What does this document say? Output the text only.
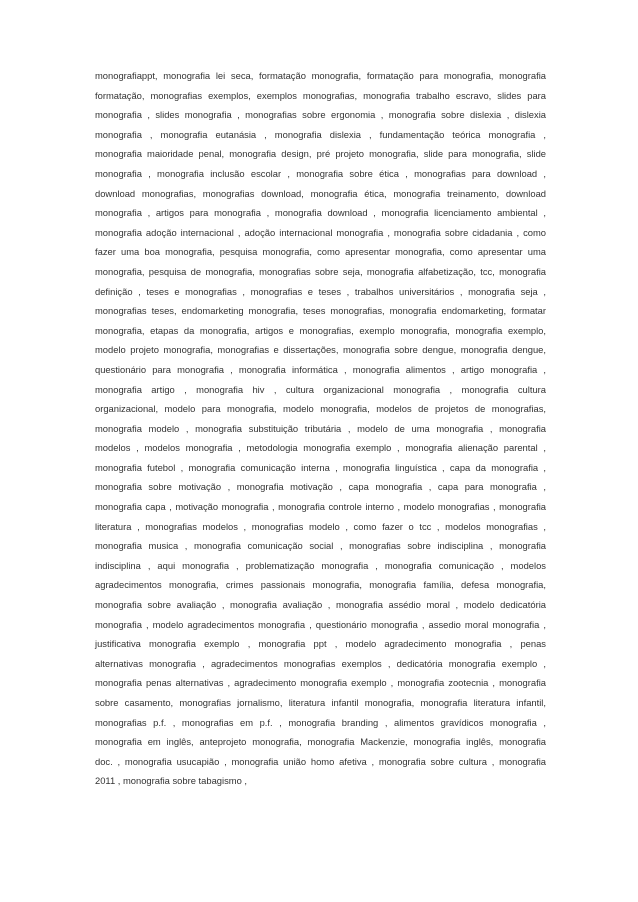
monografiappt, monografia lei seca, formatação monografia, formatação para monografia, monografia
formatação, monografias exemplos, exemplos monografias, monografia trabalho escravo, slides para
monografia , slides monografia , monografias sobre ergonomia , monografia sobre dislexia , dislexia
monografia , monografia eutanásia , monografia dislexia , fundamentação teórica monografia ,
monografia maioridade penal, monografia design, pré projeto monografia, slide para monografia, slide
monografia , monografia inclusão escolar , monografia sobre ética , monografias para download ,
download monografias, monografias download, monografia ética, monografia treinamento, download
monografia , artigos para monografia , monografia download , monografia licenciamento ambiental ,
monografia adoção internacional , adoção internacional monografia , monografia sobre cidadania , como
fazer uma boa monografia, pesquisa monografia, como apresentar monografia, como apresentar uma
monografia, pesquisa de monografia, monografias sobre seja, monografia alfabetização, tcc, monografia
definição , teses e monografias , monografias e teses , trabalhos universitários , monografia seja ,
monografias teses, endomarketing monografia, teses monografias, monografia endomarketing, formatar
monografia, etapas da monografia, artigos e monografias, exemplo monografia, monografia exemplo,
modelo projeto monografia, monografias e dissertações, monografia sobre dengue, monografia dengue,
questionário para monografia , monografia informática , monografia alimentos , artigo monografia ,
monografia artigo , monografia hiv , cultura organizacional monografia , monografia cultura
organizacional, modelo para monografia, modelo monografia, modelos de projetos de monografias,
monografia modelo , monografia substituição tributária , modelo de uma monografia , monografia
modelos , modelos monografia , metodologia monografia exemplo , monografia alienação parental ,
monografia futebol , monografia comunicação interna , monografia linguística , capa da monografia ,
monografia sobre motivação , monografia motivação , capa monografia , capa para monografia ,
monografia capa , motivação monografia , monografia controle interno , modelo monografias , monografia
literatura , monografias modelos , monografias modelo , como fazer o tcc , modelos monografias ,
monografia musica , monografia comunicação social , monografias sobre indisciplina , monografia
indisciplina , aqui monografia , problematização monografia , monografia comunicação , modelos
agradecimentos monografia, crimes passionais monografia, monografia família, defesa monografia,
monografia sobre avaliação , monografia avaliação , monografia assédio moral , modelo dedicatória
monografia , modelo agradecimentos monografia , questionário monografia , assedio moral monografia ,
justificativa monografia exemplo , monografia ppt , modelo agradecimento monografia , penas
alternativas monografia , agradecimentos monografias exemplos , dedicatória monografia exemplo ,
monografia penas alternativas , agradecimento monografia exemplo , monografia zootecnia , monografia
sobre casamento, monografias jornalismo, literatura infantil monografia, monografia literatura infantil,
monografias p.f. , monografias em p.f. , monografia branding , alimentos gravídicos monografia ,
monografia em inglês, anteprojeto monografia, monografia Mackenzie, monografia inglês, monografia
doc. , monografia usucapião , monografia união homo afetiva , monografia sobre cultura , monografia
2011 , monografia sobre tabagismo ,
